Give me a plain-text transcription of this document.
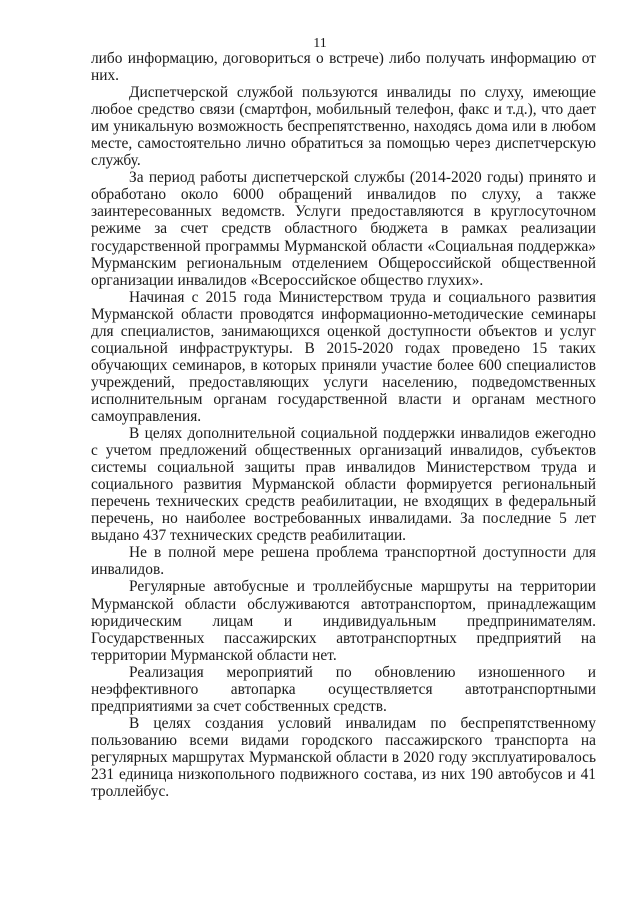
11

либо информацию, договориться о встрече) либо получать информацию от них.

Диспетчерской службой пользуются инвалиды по слуху, имеющие любое средство связи (смартфон, мобильный телефон, факс и т.д.), что дает им уникальную возможность беспрепятственно, находясь дома или в любом месте, самостоятельно лично обратиться за помощью через диспетчерскую службу.

За период работы диспетчерской службы (2014-2020 годы) принято и обработано около 6000 обращений инвалидов по слуху, а также заинтересованных ведомств. Услуги предоставляются в круглосуточном режиме за счет средств областного бюджета в рамках реализации государственной программы Мурманской области «Социальная поддержка» Мурманским региональным отделением Общероссийской общественной организации инвалидов «Всероссийское общество глухих».

Начиная с 2015 года Министерством труда и социального развития Мурманской области проводятся информационно-методические семинары для специалистов, занимающихся оценкой доступности объектов и услуг социальной инфраструктуры. В 2015-2020 годах проведено 15 таких обучающих семинаров, в которых приняли участие более 600 специалистов учреждений, предоставляющих услуги населению, подведомственных исполнительным органам государственной власти и органам местного самоуправления.

В целях дополнительной социальной поддержки инвалидов ежегодно с учетом предложений общественных организаций инвалидов, субъектов системы социальной защиты прав инвалидов Министерством труда и социального развития Мурманской области формируется региональный перечень технических средств реабилитации, не входящих в федеральный перечень, но наиболее востребованных инвалидами. За последние 5 лет выдано 437 технических средств реабилитации.

Не в полной мере решена проблема транспортной доступности для инвалидов.

Регулярные автобусные и троллейбусные маршруты на территории Мурманской области обслуживаются автотранспортом, принадлежащим юридическим лицам и индивидуальным предпринимателям. Государственных пассажирских автотранспортных предприятий на территории Мурманской области нет.

Реализация мероприятий по обновлению изношенного и неэффективного автопарка осуществляется автотранспортными предприятиями за счет собственных средств.

В целях создания условий инвалидам по беспрепятственному пользованию всеми видами городского пассажирского транспорта на регулярных маршрутах Мурманской области в 2020 году эксплуатировалось 231 единица низкопольного подвижного состава, из них 190 автобусов и 41 троллейбус.
